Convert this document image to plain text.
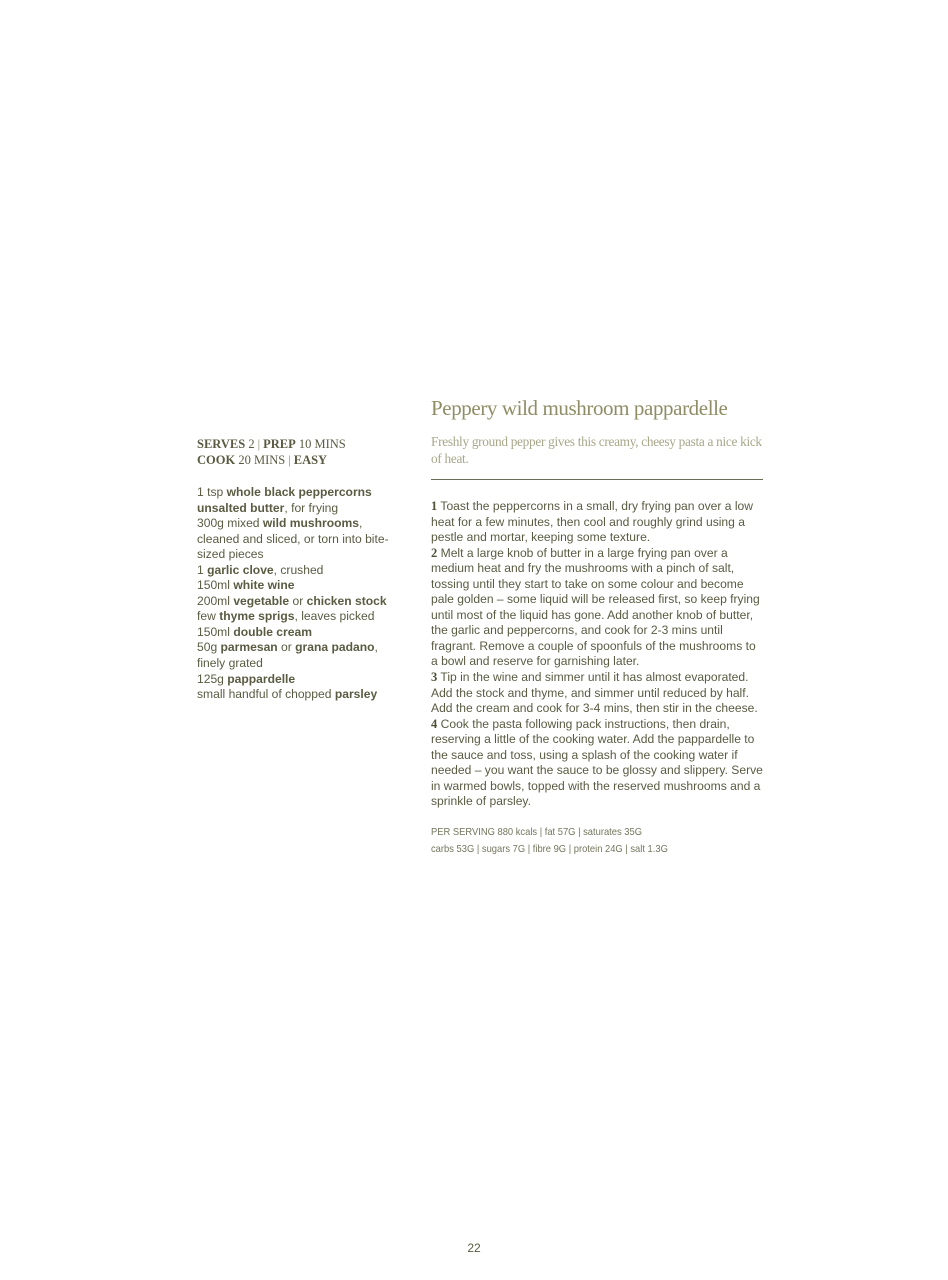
SERVES 2 | PREP 10 MINS
COOK 20 MINS | EASY

1 tsp whole black peppercorns
unsalted butter, for frying
300g mixed wild mushrooms, cleaned and sliced, or torn into bite-sized pieces
1 garlic clove, crushed
150ml white wine
200ml vegetable or chicken stock
few thyme sprigs, leaves picked
150ml double cream
50g parmesan or grana padano, finely grated
125g pappardelle
small handful of chopped parsley
Peppery wild mushroom pappardelle

Freshly ground pepper gives this creamy, cheesy pasta a nice kick of heat.

1 Toast the peppercorns in a small, dry frying pan over a low heat for a few minutes, then cool and roughly grind using a pestle and mortar, keeping some texture.

2 Melt a large knob of butter in a large frying pan over a medium heat and fry the mushrooms with a pinch of salt, tossing until they start to take on some colour and become pale golden – some liquid will be released first, so keep frying until most of the liquid has gone. Add another knob of butter, the garlic and peppercorns, and cook for 2-3 mins until fragrant. Remove a couple of spoonfuls of the mushrooms to a bowl and reserve for garnishing later.

3 Tip in the wine and simmer until it has almost evaporated. Add the stock and thyme, and simmer until reduced by half. Add the cream and cook for 3-4 mins, then stir in the cheese.

4 Cook the pasta following pack instructions, then drain, reserving a little of the cooking water. Add the pappardelle to the sauce and toss, using a splash of the cooking water if needed – you want the sauce to be glossy and slippery. Serve in warmed bowls, topped with the reserved mushrooms and a sprinkle of parsley.

PER SERVING 880 kcals | fat 57G | saturates 35G
carbs 53G | sugars 7G | fibre 9G | protein 24G | salt 1.3G
22
